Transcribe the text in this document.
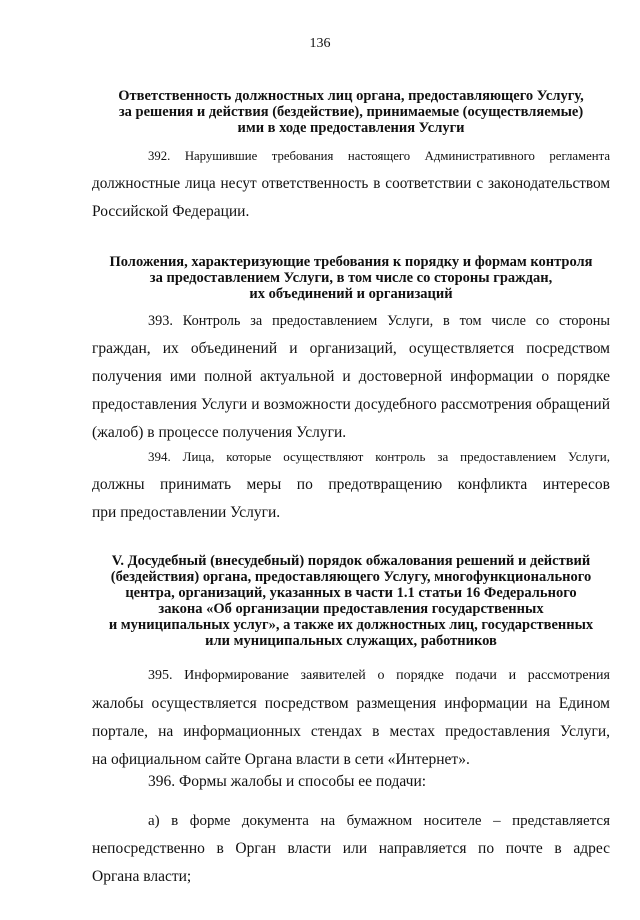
136
Ответственность должностных лиц органа, предоставляющего Услугу,
за решения и действия (бездействие), принимаемые (осуществляемые)
ими в ходе предоставления Услуги
392. Нарушившие требования настоящего Административного регламента
должностные лица несут ответственность в соответствии с законодательством
Российской Федерации.
Положения, характеризующие требования к порядку и формам контроля
за предоставлением Услуги, в том числе со стороны граждан,
их объединений и организаций
393. Контроль за предоставлением Услуги, в том числе со стороны
граждан, их объединений и организаций, осуществляется посредством
получения ими полной актуальной и достоверной информации о порядке
предоставления Услуги и возможности досудебного рассмотрения обращений
(жалоб) в процессе получения Услуги.
394. Лица, которые осуществляют контроль за предоставлением Услуги,
должны принимать меры по предотвращению конфликта интересов
при предоставлении Услуги.
V. Досудебный (внесудебный) порядок обжалования решений и действий
(бездействия) органа, предоставляющего Услугу, многофункционального
центра, организаций, указанных в части 1.1 статьи 16 Федерального
закона «Об организации предоставления государственных
и муниципальных услуг», а также их должностных лиц, государственных
или муниципальных служащих, работников
395. Информирование заявителей о порядке подачи и рассмотрения
жалобы осуществляется посредством размещения информации на Едином
портале, на информационных стендах в местах предоставления Услуги,
на официальном сайте Органа власти в сети «Интернет».
396. Формы жалобы и способы ее подачи:
а) в форме документа на бумажном носителе – представляется
непосредственно в Орган власти или направляется по почте в адрес
Органа власти;
